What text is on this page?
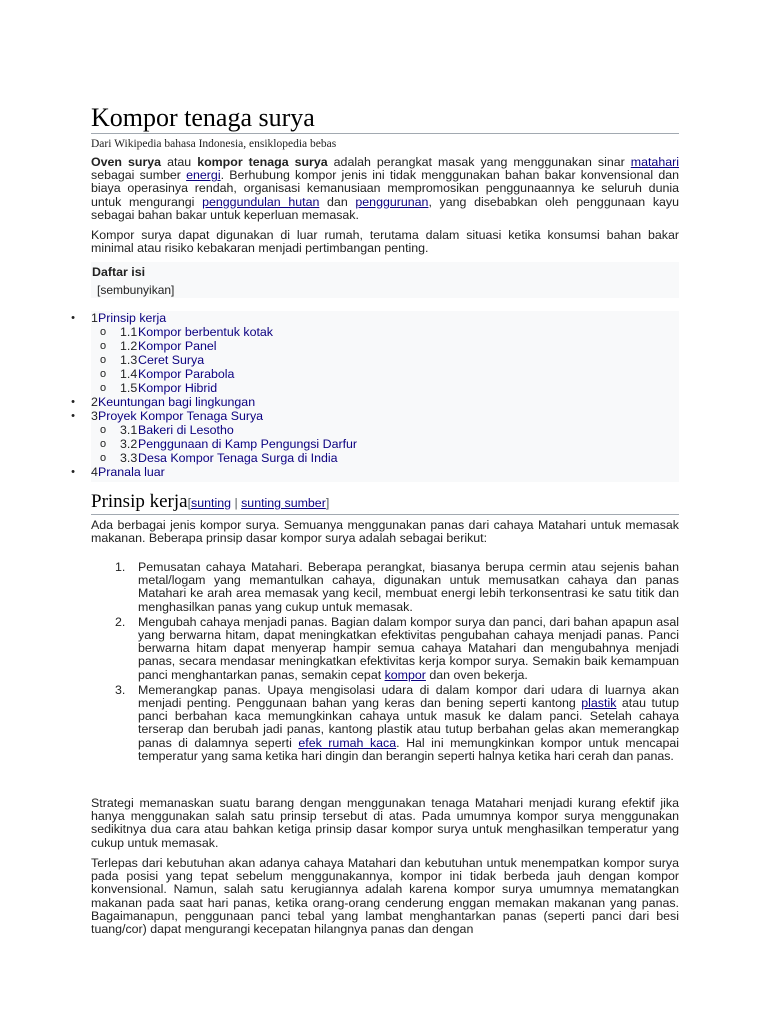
Kompor tenaga surya
Dari Wikipedia bahasa Indonesia, ensiklopedia bebas

Oven surya atau kompor tenaga surya adalah perangkat masak yang menggunakan sinar matahari sebagai sumber energi. Berhubung kompor jenis ini tidak menggunakan bahan bakar konvensional dan biaya operasinya rendah, organisasi kemanusiaan mempromosikan penggunaannya ke seluruh dunia untuk mengurangi penggundulan hutan dan penggurunan, yang disebabkan oleh penggunaan kayu sebagai bahan bakar untuk keperluan memasak.

Kompor surya dapat digunakan di luar rumah, terutama dalam situasi ketika konsumsi bahan bakar minimal atau risiko kebakaran menjadi pertimbangan penting.

Daftar isi
[sembunyikan]
•	1 Prinsip kerja
o	1.1 Kompor berbentuk kotak
o	1.2 Kompor Panel
o	1.3 Ceret Surya
o	1.4 Kompor Parabola
o	1.5 Kompor Hibrid
•	2 Keuntungan bagi lingkungan
•	3 Proyek Kompor Tenaga Surya
o	3.1 Bakeri di Lesotho
o	3.2 Penggunaan di Kamp Pengungsi Darfur
o	3.3 Desa Kompor Tenaga Surga di India
•	4 Pranala luar
Prinsip kerja[sunting | sunting sumber]

Ada berbagai jenis kompor surya. Semuanya menggunakan panas dari cahaya Matahari untuk memasak makanan. Beberapa prinsip dasar kompor surya adalah sebagai berikut:

1. Pemusatan cahaya Matahari. Beberapa perangkat, biasanya berupa cermin atau sejenis bahan metal/logam yang memantulkan cahaya, digunakan untuk memusatkan cahaya dan panas Matahari ke arah area memasak yang kecil, membuat energi lebih terkonsentrasi ke satu titik dan menghasilkan panas yang cukup untuk memasak.
2. Mengubah cahaya menjadi panas. Bagian dalam kompor surya dan panci, dari bahan apapun asal yang berwarna hitam, dapat meningkatkan efektivitas pengubahan cahaya menjadi panas. Panci berwarna hitam dapat menyerap hampir semua cahaya Matahari dan mengubahnya menjadi panas, secara mendasar meningkatkan efektivitas kerja kompor surya. Semakin baik kemampuan panci menghantarkan panas, semakin cepat kompor dan oven bekerja.
3. Memerangkap panas. Upaya mengisolasi udara di dalam kompor dari udara di luarnya akan menjadi penting. Penggunaan bahan yang keras dan bening seperti kantong plastik atau tutup panci berbahan kaca memungkinkan cahaya untuk masuk ke dalam panci. Setelah cahaya terserap dan berubah jadi panas, kantong plastik atau tutup berbahan gelas akan memerangkap panas di dalamnya seperti efek rumah kaca. Hal ini memungkinkan kompor untuk mencapai temperatur yang sama ketika hari dingin dan berangin seperti halnya ketika hari cerah dan panas.

Strategi memanaskan suatu barang dengan menggunakan tenaga Matahari menjadi kurang efektif jika hanya menggunakan salah satu prinsip tersebut di atas. Pada umumnya kompor surya menggunakan sedikitnya dua cara atau bahkan ketiga prinsip dasar kompor surya untuk menghasilkan temperatur yang cukup untuk memasak.

Terlepas dari kebutuhan akan adanya cahaya Matahari dan kebutuhan untuk menempatkan kompor surya pada posisi yang tepat sebelum menggunakannya, kompor ini tidak berbeda jauh dengan kompor konvensional. Namun, salah satu kerugiannya adalah karena kompor surya umumnya mematangkan makanan pada saat hari panas, ketika orang-orang cenderung enggan memakan makanan yang panas. Bagaimanapun, penggunaan panci tebal yang lambat menghantarkan panas (seperti panci dari besi tuang/cor) dapat mengurangi kecepatan hilangnya panas dan dengan
